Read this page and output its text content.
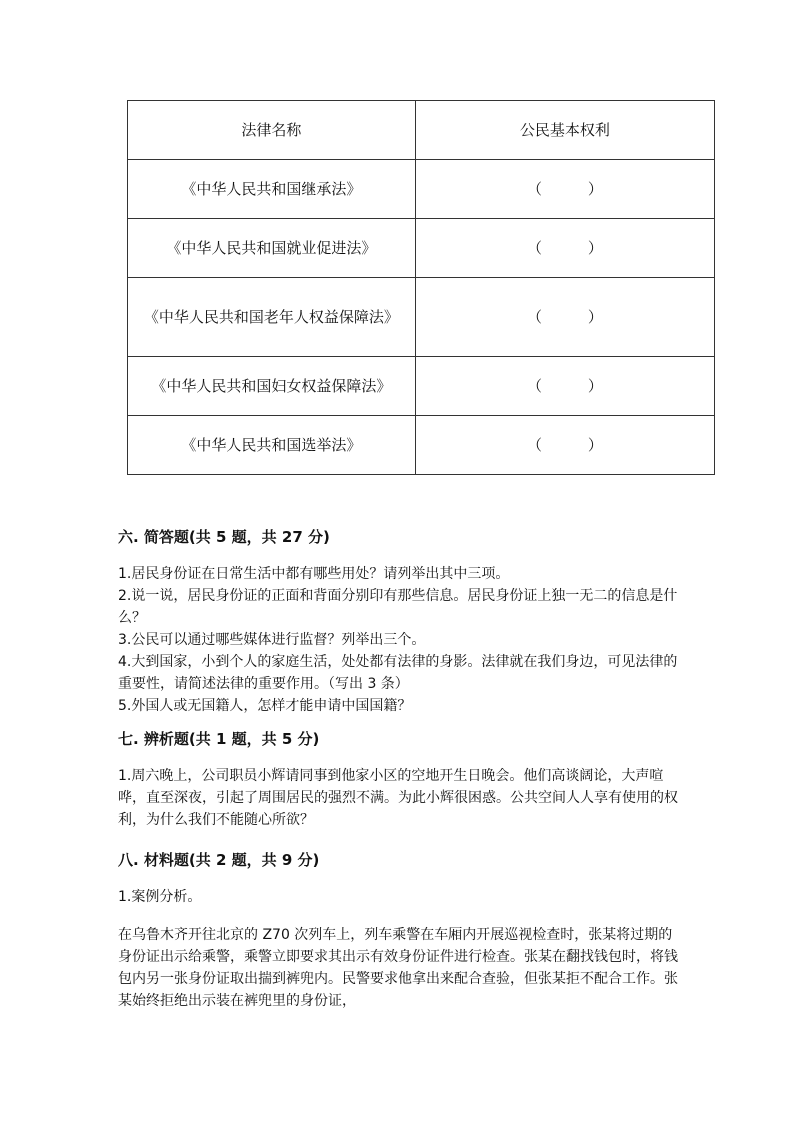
法律名称	公民基本权利
《中华人民共和国继承法》	（）
《中华人民共和国就业促进法》	（）
《中华人民共和国老年人权益保障法》	（）
《中华人民共和国妇女权益保障法》	（）
《中华人民共和国选举法》	（）
六. 简答题(共 5 题，共 27 分)

1.居民身份证在日常生活中都有哪些用处？请列举出其中三项。

2.说一说，居民身份证的正面和背面分别印有那些信息。居民身份证上独一无二的信息是什么？

3.公民可以通过哪些媒体进行监督？列举出三个。

4.大到国家，小到个人的家庭生活，处处都有法律的身影。法律就在我们身边，可见法律的重要性，请简述法律的重要作用。（写出 3 条）

5.外国人或无国籍人，怎样才能申请中国国籍？

七. 辨析题(共 1 题，共 5 分)

1.周六晚上，公司职员小辉请同事到他家小区的空地开生日晚会。他们高谈阔论，大声喧哗，直至深夜，引起了周围居民的强烈不满。为此小辉很困惑。公共空间人人享有使用的权利，为什么我们不能随心所欲？

八. 材料题(共 2 题，共 9 分)

1.案例分析。

在乌鲁木齐开往北京的 Z70 次列车上，列车乘警在车厢内开展巡视检查时，张某将过期的身份证出示给乘警，乘警立即要求其出示有效身份证件进行检查。张某在翻找钱包时，将钱包内另一张身份证取出揣到裤兜内。民警要求他拿出来配合查验，但张某拒不配合工作。张某始终拒绝出示装在裤兜里的身份证，
